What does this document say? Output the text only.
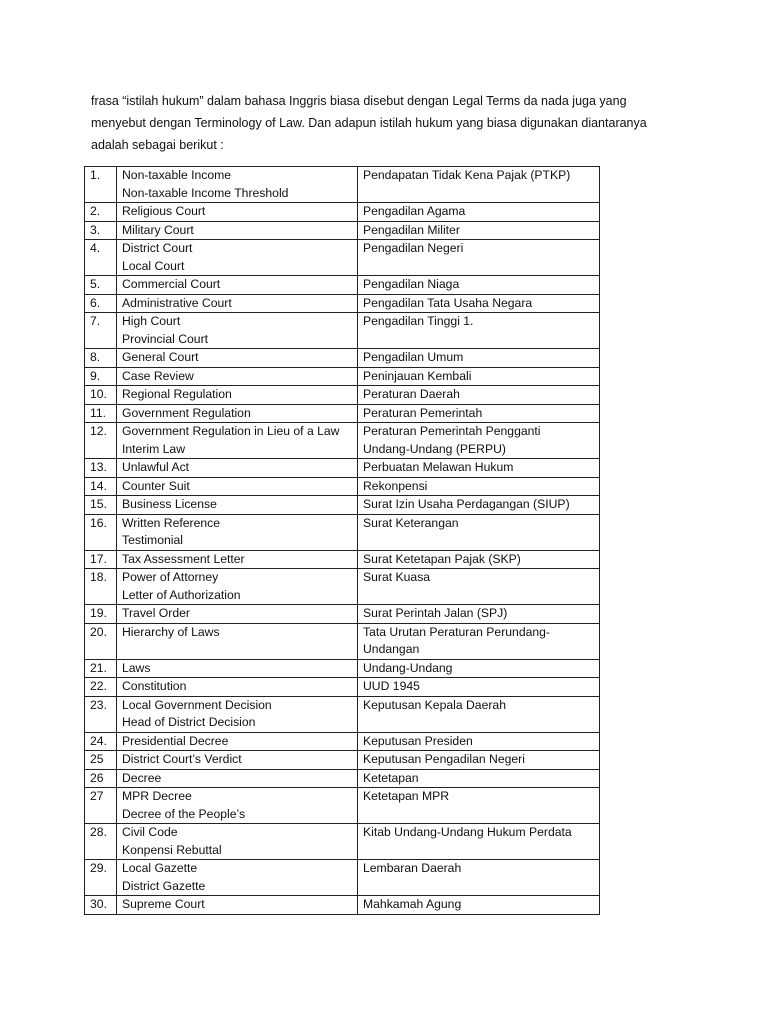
frasa “istilah hukum” dalam bahasa Inggris biasa disebut dengan Legal Terms da nada juga yang

menyebut dengan Terminology of Law. Dan adapun istilah hukum yang biasa digunakan diantaranya

adalah sebagai berikut :

1.	Non-taxable Income
Non-taxable Income Threshold	Pendapatan Tidak Kena Pajak (PTKP)

2.	Religious Court	Pengadilan Agama

3.	Military Court	Pengadilan Militer

4.	District Court
Local Court	Pengadilan Negeri

5.	Commercial Court	Pengadilan Niaga

6.	Administrative Court	Pengadilan Tata Usaha Negara

7.	High Court
Provincial Court	Pengadilan Tinggi 1.

8.	General Court	Pengadilan Umum

9.	Case Review	Peninjauan Kembali

10.	Regional Regulation	Peraturan Daerah

11.	Government Regulation	Peraturan Pemerintah

12.	Government Regulation in Lieu of a Law
Interim Law	Peraturan Pemerintah Pengganti
Undang-Undang (PERPU)

13.	Unlawful Act	Perbuatan Melawan Hukum

14.	Counter Suit	Rekonpensi

15.	Business License	Surat Izin Usaha Perdagangan (SIUP)

16.	Written Reference
Testimonial	Surat Keterangan

17.	Tax Assessment Letter	Surat Ketetapan Pajak (SKP)

18.	Power of Attorney
Letter of Authorization	Surat Kuasa

19.	Travel Order	Surat Perintah Jalan (SPJ)

20.	Hierarchy of Laws	Tata Urutan Peraturan Perundang-
Undangan

21.	Laws	Undang-Undang

22.	Constitution	UUD 1945

23.	Local Government Decision
Head of District Decision	Keputusan Kepala Daerah

24.	Presidential Decree	Keputusan Presiden

25	District Court’s Verdict	Keputusan Pengadilan Negeri

26	Decree	Ketetapan

27	MPR Decree
Decree of the People’s	Ketetapan MPR

28.	Civil Code
Konpensi Rebuttal	Kitab Undang-Undang Hukum Perdata

29.	Local Gazette
District Gazette	Lembaran Daerah

30.	Supreme Court	Mahkamah Agung
